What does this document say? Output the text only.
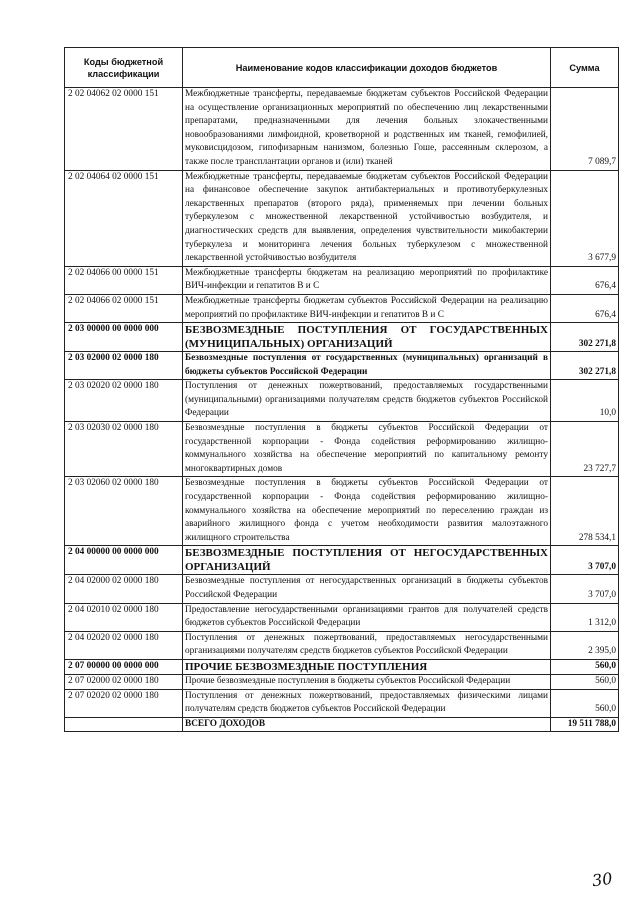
Коды бюджетной классификации	Наименование кодов классификации доходов бюджетов	Сумма
2 02 04062 02 0000 151	Межбюджетные трансферты, передаваемые бюджетам субъектов Российской Федерации на осуществление организационных мероприятий по обеспечению лиц лекарственными препаратами, предназначенными для лечения больных злокачественными новообразованиями лимфоидной, кроветворной и родственных им тканей, гемофилией, муковисцидозом, гипофизарным нанизмом, болезнью Гоше, рассеянным склерозом, а также после трансплантации органов и (или) тканей	7 089,7
2 02 04064 02 0000 151	Межбюджетные трансферты, передаваемые бюджетам субъектов Российской Федерации на финансовое обеспечение закупок антибактериальных и противотуберкулезных лекарственных препаратов (второго ряда), применяемых при лечении больных туберкулезом с множественной лекарственной устойчивостью возбудителя, и диагностических средств для выявления, определения чувствительности микобактерии туберкулеза и мониторинга лечения больных туберкулезом с множественной лекарственной устойчивостью возбудителя	3 677,9
2 02 04066 00 0000 151	Межбюджетные трансферты бюджетам на реализацию мероприятий по профилактике ВИЧ-инфекции и гепатитов В и С	676,4
2 02 04066 02 0000 151	Межбюджетные трансферты бюджетам субъектов Российской Федерации на реализацию мероприятий по профилактике ВИЧ-инфекции и гепатитов В и С	676,4
2 03 00000 00 0000 000	БЕЗВОЗМЕЗДНЫЕ ПОСТУПЛЕНИЯ ОТ ГОСУДАРСТВЕННЫХ (МУНИЦИПАЛЬНЫХ) ОРГАНИЗАЦИЙ	302 271,8
2 03 02000 02 0000 180	Безвозмездные поступления от государственных (муниципальных) организаций в бюджеты субъектов Российской Федерации	302 271,8
2 03 02020 02 0000 180	Поступления от денежных пожертвований, предоставляемых государственными (муниципальными) организациями получателям средств бюджетов субъектов Российской Федерации	10,0
2 03 02030 02 0000 180	Безвозмездные поступления в бюджеты субъектов Российской Федерации от государственной корпорации - Фонда содействия реформированию жилищно-коммунального хозяйства на обеспечение мероприятий по капитальному ремонту многоквартирных домов	23 727,7
2 03 02060 02 0000 180	Безвозмездные поступления в бюджеты субъектов Российской Федерации от государственной корпорации - Фонда содействия реформированию жилищно-коммунального хозяйства на обеспечение мероприятий по переселению граждан из аварийного жилищного фонда с учетом необходимости развития малоэтажного жилищного строительства	278 534,1
2 04 00000 00 0000 000	БЕЗВОЗМЕЗДНЫЕ ПОСТУПЛЕНИЯ ОТ НЕГОСУДАРСТВЕННЫХ ОРГАНИЗАЦИЙ	3 707,0
2 04 02000 02 0000 180	Безвозмездные поступления от негосударственных организаций в бюджеты субъектов Российской Федерации	3 707,0
2 04 02010 02 0000 180	Предоставление негосударственными организациями грантов для получателей средств бюджетов субъектов Российской Федерации	1 312,0
2 04 02020 02 0000 180	Поступления от денежных пожертвований, предоставляемых негосударственными организациями получателям средств бюджетов субъектов Российской Федерации	2 395,0
2 07 00000 00 0000 000	ПРОЧИЕ БЕЗВОЗМЕЗДНЫЕ ПОСТУПЛЕНИЯ	560,0
2 07 02000 02 0000 180	Прочие безвозмездные поступления в бюджеты субъектов Российской Федерации	560,0
2 07 02020 02 0000 180	Поступления от денежных пожертвований, предоставляемых физическими лицами получателям средств бюджетов субъектов Российской Федерации	560,0
	ВСЕГО ДОХОДОВ	19 511 788,0
30
